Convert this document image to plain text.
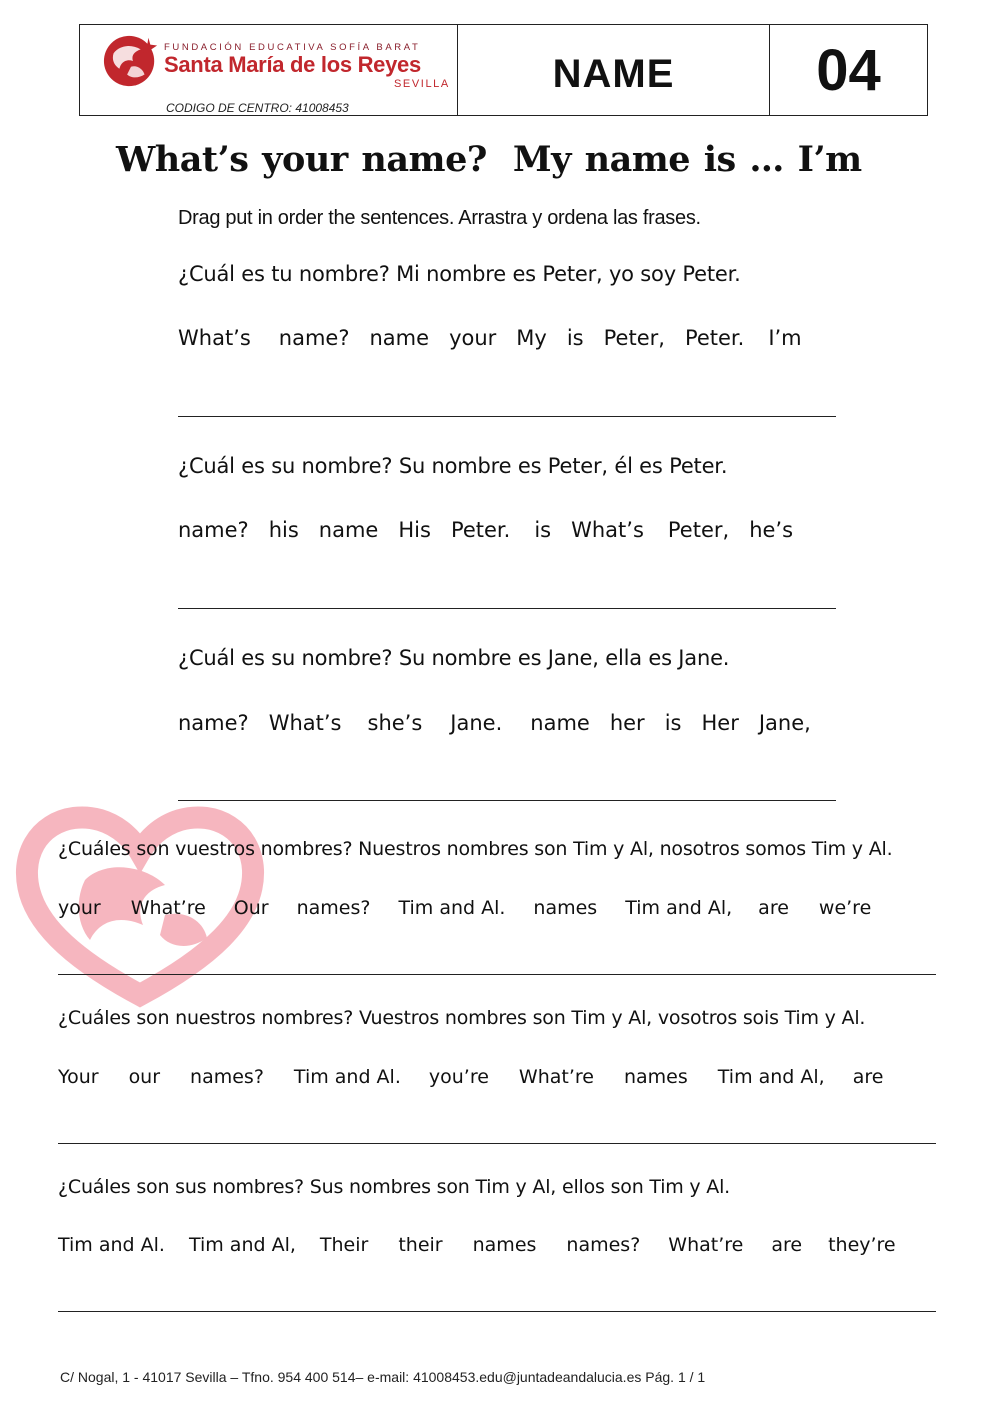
FUNDACIÓN EDUCATIVA SOFÍA BARAT
Santa María de los Reyes
SEVILLA
CODIGO DE CENTRO: 41008453
NAME 04
What’s your name? My name is … I’m
Drag put in order the sentences. Arrastra y ordena las frases.
¿Cuál es tu nombre? Mi nombre es Peter, yo soy Peter.
What’s name? name your My is Peter, Peter. I’m
¿Cuál es su nombre? Su nombre es Peter, él es Peter.
name? his name His Peter. is What’s Peter, he’s
¿Cuál es su nombre? Su nombre es Jane, ella es Jane.
name? What’s she’s Jane. name her is Her Jane,
¿Cuáles son vuestros nombres? Nuestros nombres son Tim y Al, nosotros somos Tim y Al.
your What’re Our names? Tim and Al. names Tim and Al, are we’re
¿Cuáles son nuestros nombres? Vuestros nombres son Tim y Al, vosotros sois Tim y Al.
Your our names? Tim and Al. you’re What’re names Tim and Al, are
¿Cuáles son sus nombres? Sus nombres son Tim y Al, ellos son Tim y Al.
Tim and Al. Tim and Al, Their their names names? What’re are they’re
C/ Nogal, 1 - 41017 Sevilla – Tfno. 954 400 514– e-mail: 41008453.edu@juntadeandalucia.es Pág. 1 / 1
